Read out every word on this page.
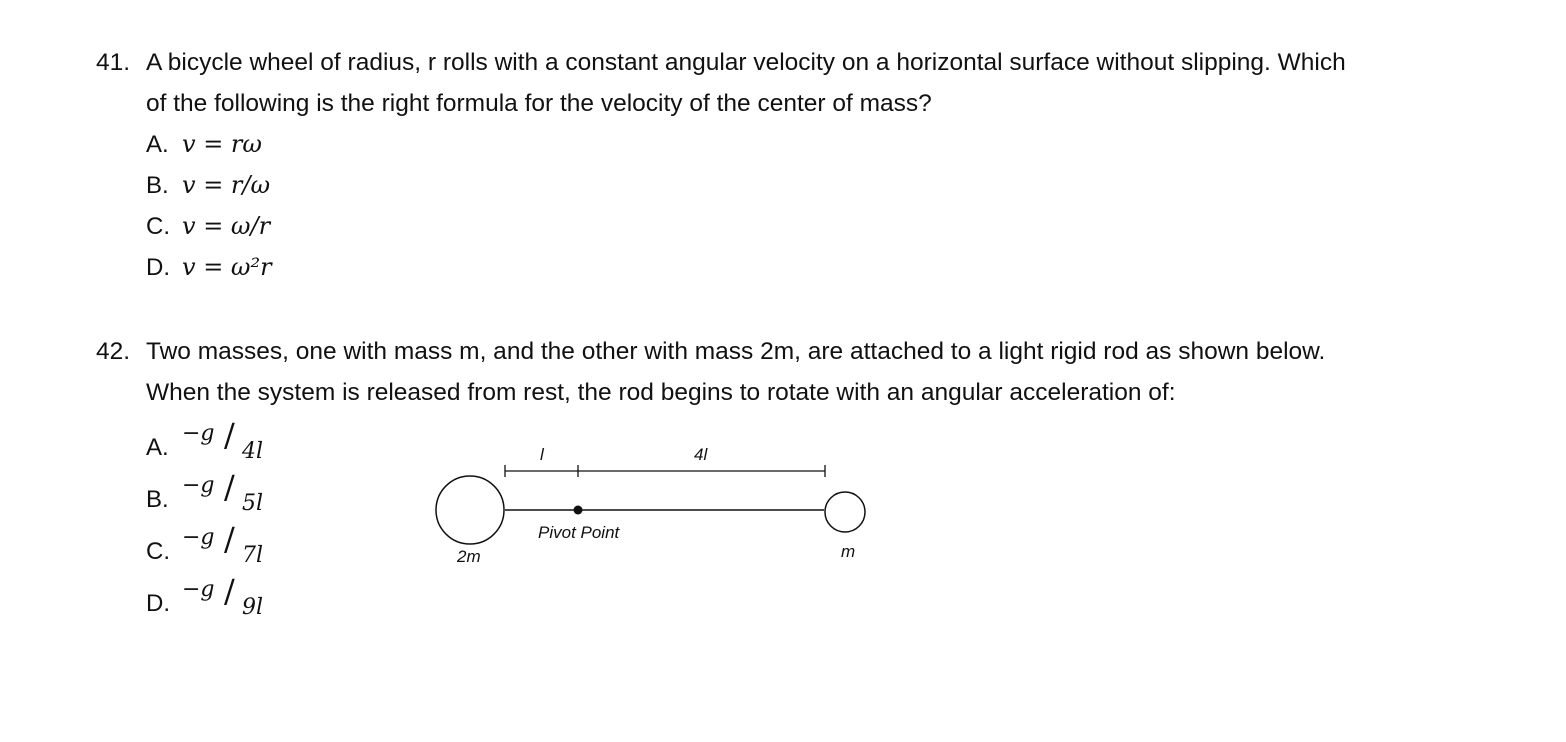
41. A bicycle wheel of radius, r rolls with a constant angular velocity on a horizontal surface without slipping. Which
of the following is the right formula for the velocity of the center of mass?
A. v = rω
B. v = r/ω
C. v = ω/r
D. v = ω²r
42. Two masses, one with mass m, and the other with mass 2m, are attached to a light rigid rod as shown below.
When the system is released from rest, the rod begins to rotate with an angular acceleration of:
A.
−g / 4l
B.
−g / 5l
C.
−g / 7l
D.
−g / 9l
l	4l
Pivot Point
2m	m
